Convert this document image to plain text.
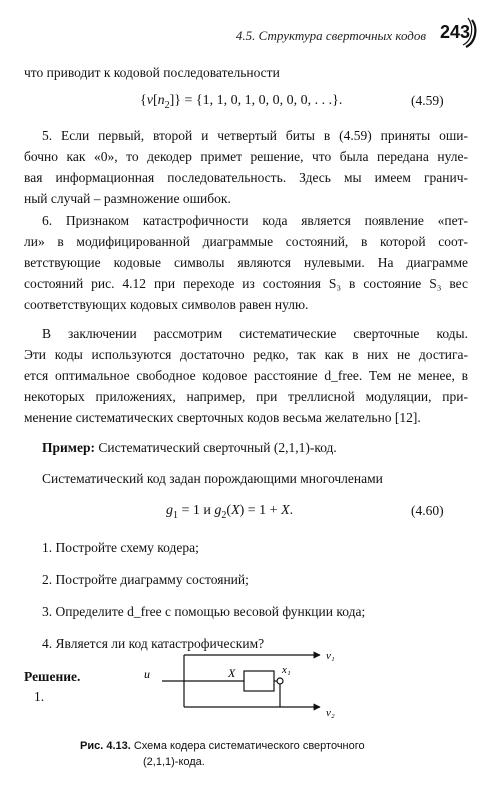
4.5. Структура сверточных кодов 243
что приводит к кодовой последовательности
$\{v[n_2]\} = \{1$, 1, 0, 1, 0, 0, 0, 0, . . .}.	(4.59)
5. Если первый, второй и четвертый биты в (4.59) приняты оши-
бочно как «0», то декодер примет решение, что была передана нуле-
вая информационная последовательность. Здесь мы имеем гранич-
ный случай – размножение ошибок.
6. Признаком катастрофичности кода является появление «пет-
ли» в модифицированной диаграммые состояний, в которой соот-
ветствующие кодовые символы являются нулевыми. На диаграмме
состояний рис. 4.12 при переходе из состояния S₃ в состояние S₃ вес
соответствующих кодовых символов равен нулю.
В заключении рассмотрим систематические сверточные коды.
Эти коды используются достаточно редко, так как в них не достига-
ется оптимальное свободное кодовое расстояние d_free. Тем не менее, в
некоторых приложениях, например, при треллисной модуляции, при-
менение систематических сверточных кодов весьма желательно [12].
Пример: Систематический сверточный (2,1,1)-код.
Систематический код задан порождающими многочленами
$g_1 = 1$ и $g_2(X) = 1 + X$.	(4.60)
1. Постройте схему кодера;
2. Постройте диаграмму состояний;
3. Определите d_free с помощью весовой функции кода;
4. Является ли код катастрофическим?
Решение.
1.
u	X	x₁
v₁
v₂
Рис. 4.13. Схема кодера систематического сверточного
(2,1,1)-кода.
